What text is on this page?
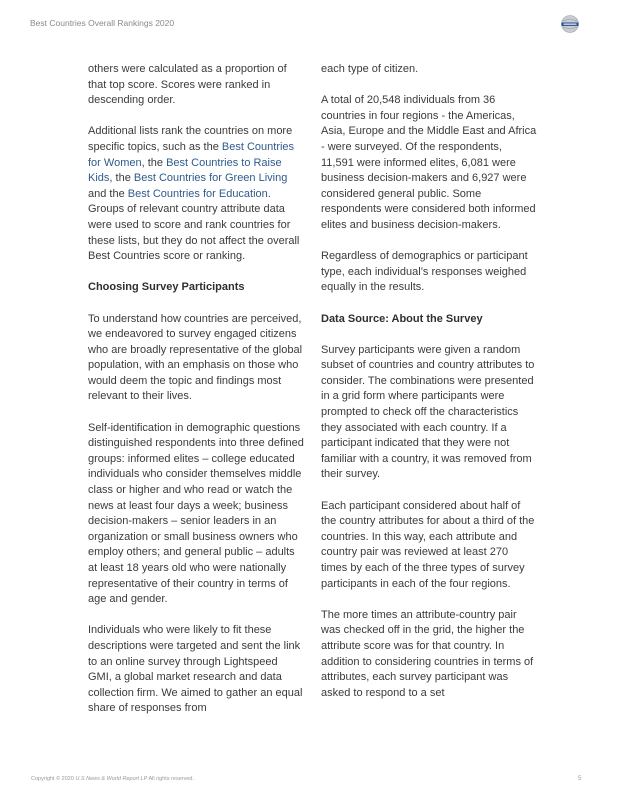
Best Countries Overall Rankings 2020

others were calculated as a proportion of that top score. Scores were ranked in descending order.

Additional lists rank the countries on more specific topics, such as the Best Countries for Women, the Best Countries to Raise Kids, the Best Countries for Green Living and the Best Countries for Education. Groups of relevant country attribute data were used to score and rank countries for these lists, but they do not affect the overall Best Countries score or ranking.

Choosing Survey Participants

To understand how countries are perceived, we endeavored to survey engaged citizens who are broadly representative of the global population, with an emphasis on those who would deem the topic and findings most relevant to their lives.

Self-identification in demographic questions distinguished respondents into three defined groups: informed elites – college educated individuals who consider themselves middle class or higher and who read or watch the news at least four days a week; business decision-makers – senior leaders in an organization or small business owners who employ others; and general public – adults at least 18 years old who were nationally representative of their country in terms of age and gender.

Individuals who were likely to fit these descriptions were targeted and sent the link to an online survey through Lightspeed GMI, a global market research and data collection firm. We aimed to gather an equal share of responses from

each type of citizen.

A total of 20,548 individuals from 36 countries in four regions - the Americas, Asia, Europe and the Middle East and Africa - were surveyed. Of the respondents, 11,591 were informed elites, 6,081 were business decision-makers and 6,927 were considered general public. Some respondents were considered both informed elites and business decision-makers.

Regardless of demographics or participant type, each individual’s responses weighed equally in the results.

Data Source: About the Survey

Survey participants were given a random subset of countries and country attributes to consider. The combinations were presented in a grid form where participants were prompted to check off the characteristics they associated with each country. If a participant indicated that they were not familiar with a country, it was removed from their survey.

Each participant considered about half of the country attributes for about a third of the countries. In this way, each attribute and country pair was reviewed at least 270 times by each of the three types of survey participants in each of the four regions.

The more times an attribute-country pair was checked off in the grid, the higher the attribute score was for that country. In addition to considering countries in terms of attributes, each survey participant was asked to respond to a set

Copyright © 2020 U.S News & World Report LP All rights reserved.	5
